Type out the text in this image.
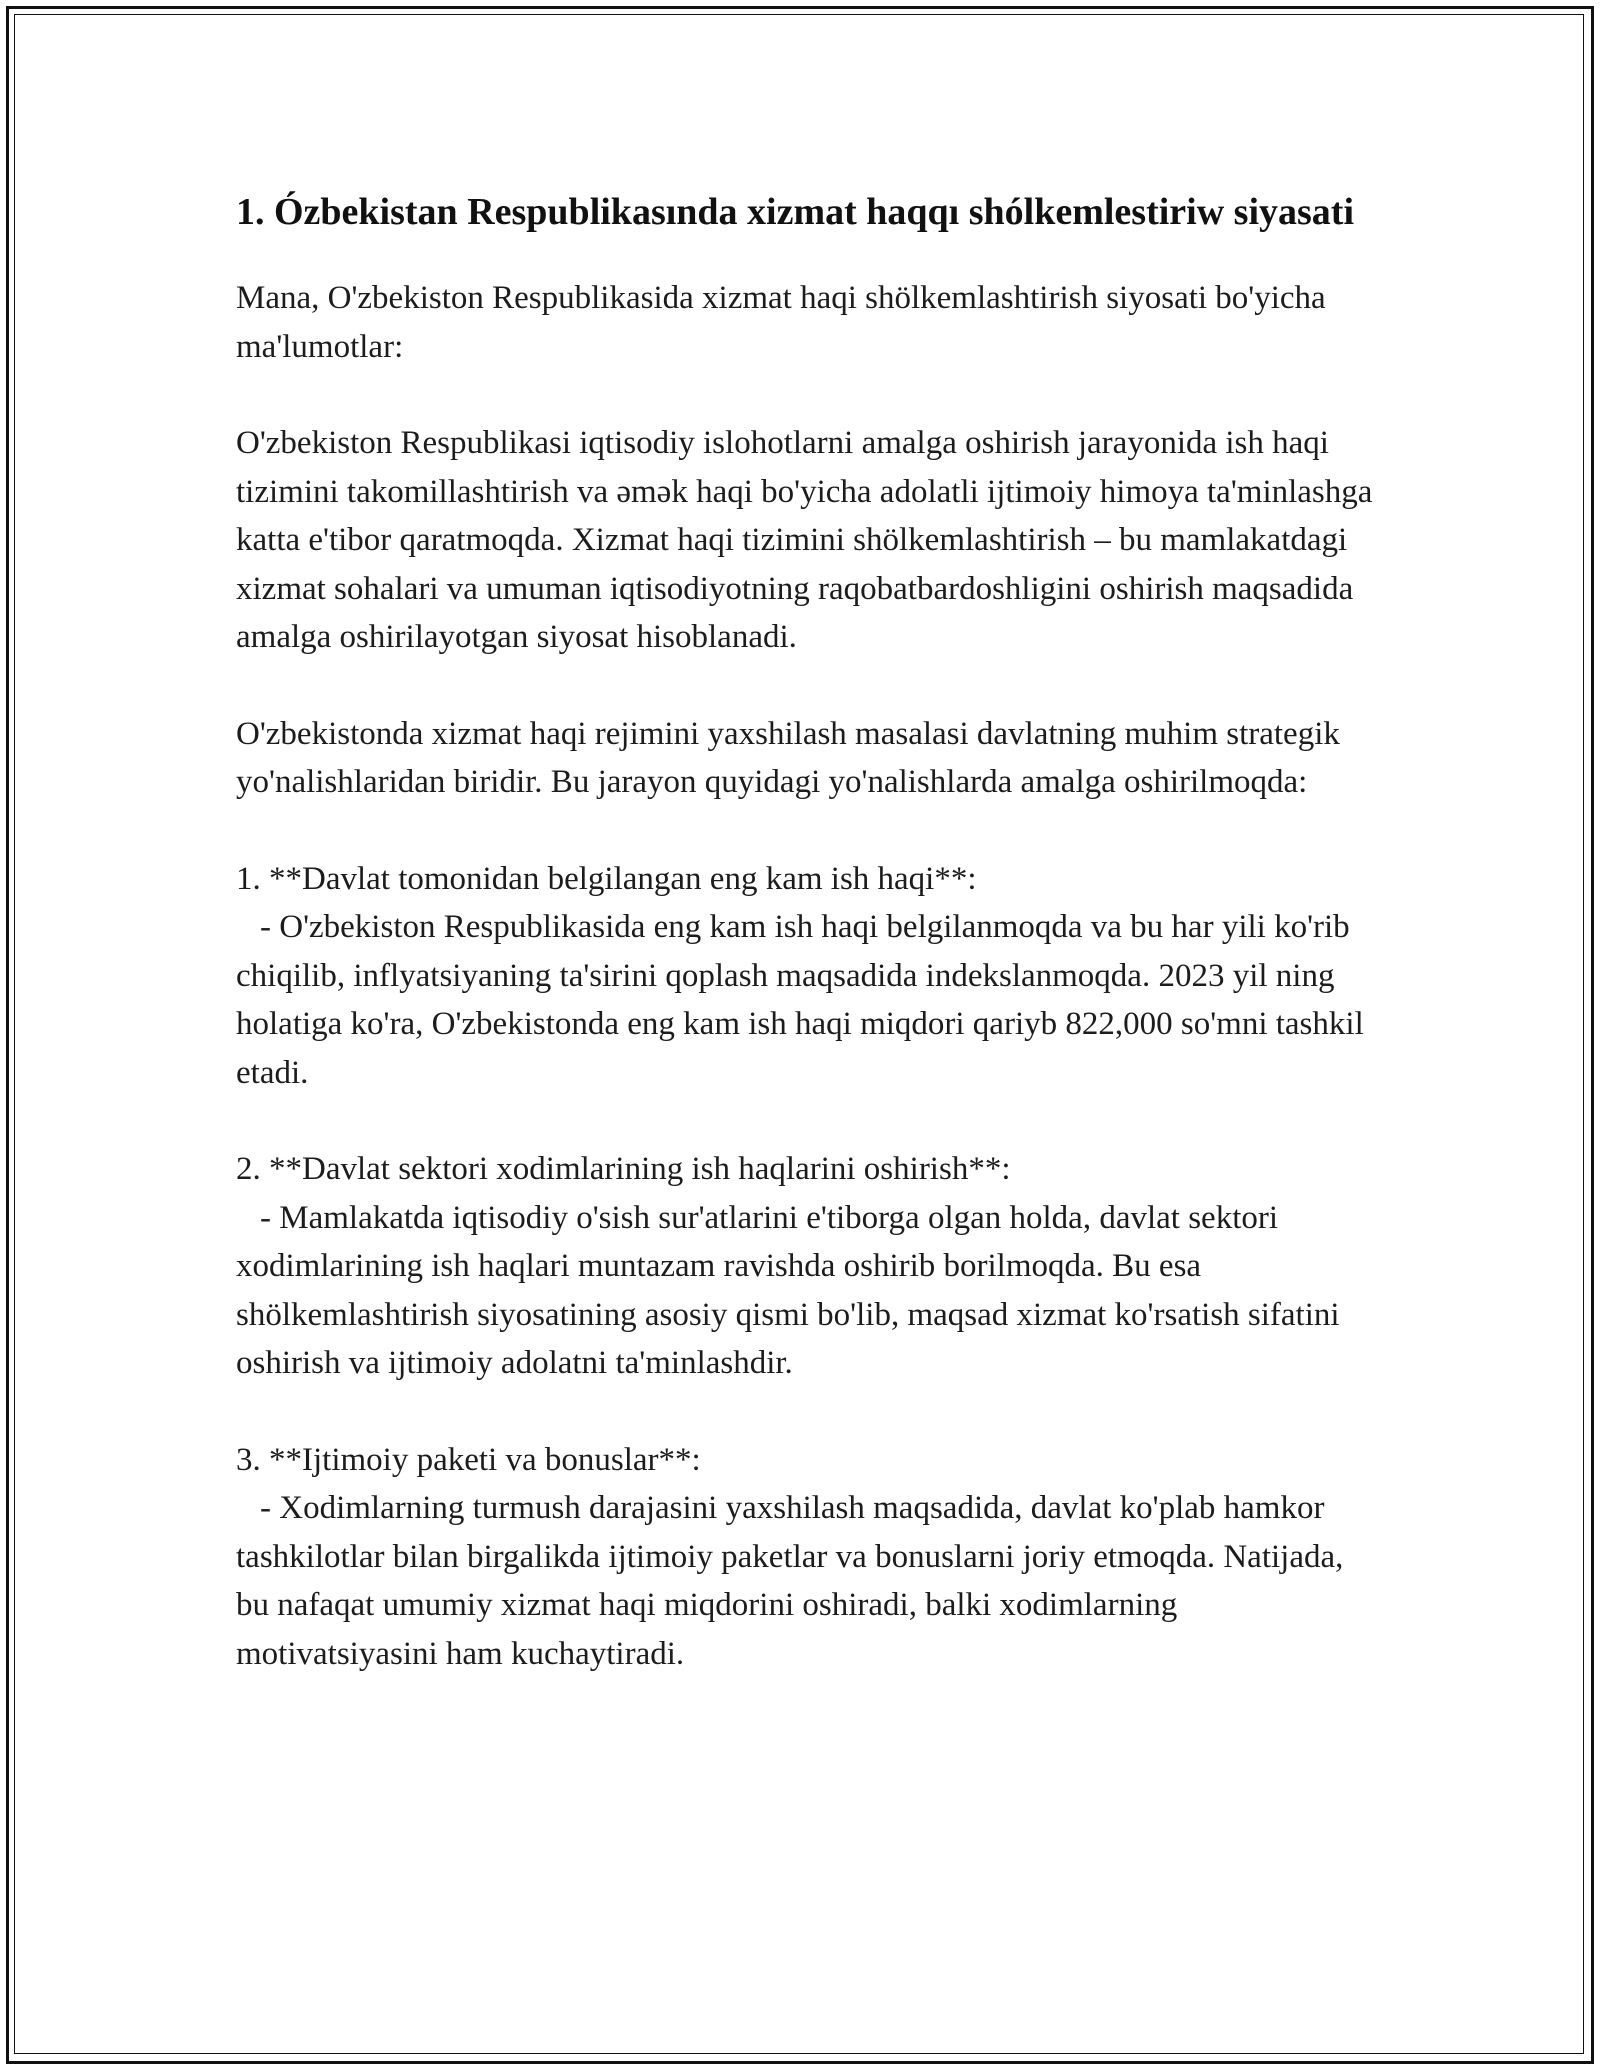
1. Ózbekistan Respublikasında xizmat haqqı shólkemlestiriw siyasati

Mana, O'zbekiston Respublikasida xizmat haqi shölkemlashtirish siyosati bo'yicha ma'lumotlar:

O'zbekiston Respublikasi iqtisodiy islohotlarni amalga oshirish jarayonida ish haqi tizimini takomillashtirish va əmək haqi bo'yicha adolatli ijtimoiy himoya ta'minlashga katta e'tibor qaratmoqda. Xizmat haqi tizimini shölkemlashtirish – bu mamlakatdagi xizmat sohalari va umuman iqtisodiyotning raqobatbardoshligini oshirish maqsadida amalga oshirilayotgan siyosat hisoblanadi.

O'zbekistonda xizmat haqi rejimini yaxshilash masalasi davlatning muhim strategik yo'nalishlaridan biridir. Bu jarayon quyidagi yo'nalishlarda amalga oshirilmoqda:

1. **Davlat tomonidan belgilangan eng kam ish haqi**:
- O'zbekiston Respublikasida eng kam ish haqi belgilanmoqda va bu har yili ko'rib chiqilib, inflyatsiyaning ta'sirini qoplash maqsadida indekslanmoqda. 2023 yil ning holatiga ko'ra, O'zbekistonda eng kam ish haqi miqdori qariyb 822,000 so'mni tashkil etadi.
2. **Davlat sektori xodimlarining ish haqlarini oshirish**:
- Mamlakatda iqtisodiy o'sish sur'atlarini e'tiborga olgan holda, davlat sektori xodimlarining ish haqlari muntazam ravishda oshirib borilmoqda. Bu esa shölkemlashtirish siyosatining asosiy qismi bo'lib, maqsad xizmat ko'rsatish sifatini oshirish va ijtimoiy adolatni ta'minlashdir.
3. **Ijtimoiy paketi va bonuslar**:
- Xodimlarning turmush darajasini yaxshilash maqsadida, davlat ko'plab hamkor tashkilotlar bilan birgalikda ijtimoiy paketlar va bonuslarni joriy etmoqda. Natijada, bu nafaqat umumiy xizmat haqi miqdorini oshiradi, balki xodimlarning motivatsiyasini ham kuchaytiradi.
